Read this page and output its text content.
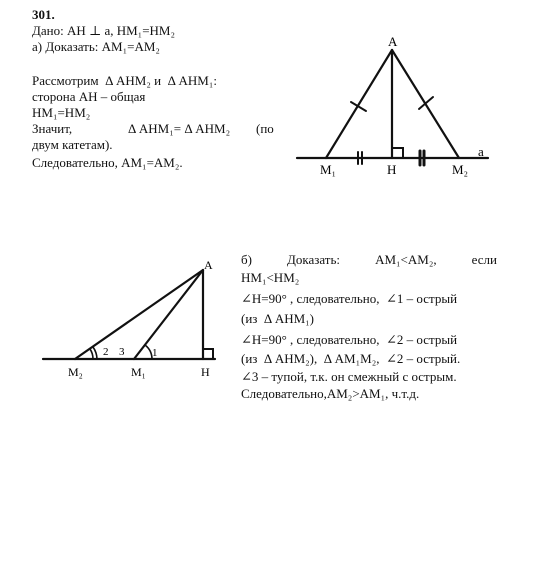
301.
Дано: AH ⊥ a, HM₁=HM₂
а) Доказать: AM₁=AM₂
Рассмотрим  Δ AHM₂ и  Δ AHM₁:
сторона AH – общая
HM₁=HM₂
Значит,	Δ AHM₁= Δ AHM₂ (по
двум катетам).
Следовательно, AM₁=AM₂.
б)	Доказать:	AM₁<AM₂,	если
HM₁<HM₂
∠H=90° , следовательно,  ∠1 – острый
(из  Δ AHM₁)
∠H=90° , следовательно,  ∠2 – острый
(из  Δ AHM₂),  Δ AM₁M₂,  ∠2 – острый.
∠3 – тупой, т.к. он смежный с острым.
Следовательно,AM₂>AM₁, ч.т.д.
A
M₁	H	M₂
a
A
M₂	M₁	H
1
2 3
